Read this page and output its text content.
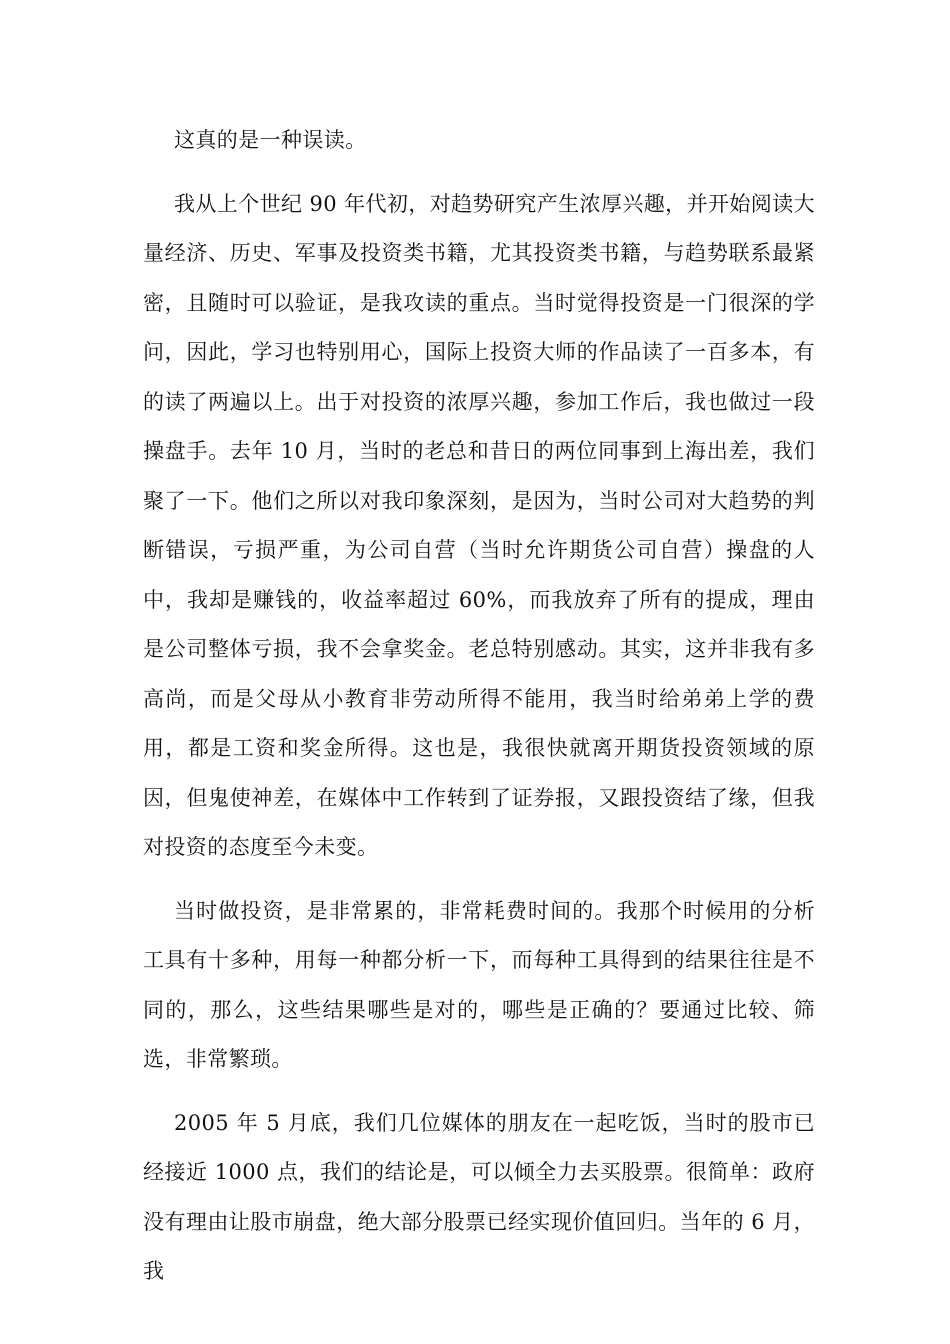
这真的是一种误读。

我从上个世纪 90 年代初，对趋势研究产生浓厚兴趣，并开始阅读大量经济、历史、军事及投资类书籍，尤其投资类书籍，与趋势联系最紧密，且随时可以验证，是我攻读的重点。当时觉得投资是一门很深的学问，因此，学习也特别用心，国际上投资大师的作品读了一百多本，有的读了两遍以上。出于对投资的浓厚兴趣，参加工作后，我也做过一段操盘手。去年 10 月，当时的老总和昔日的两位同事到上海出差，我们聚了一下。他们之所以对我印象深刻，是因为，当时公司对大趋势的判断错误，亏损严重，为公司自营（当时允许期货公司自营）操盘的人中，我却是赚钱的，收益率超过 60%，而我放弃了所有的提成，理由是公司整体亏损，我不会拿奖金。老总特别感动。其实，这并非我有多高尚，而是父母从小教育非劳动所得不能用，我当时给弟弟上学的费用，都是工资和奖金所得。这也是，我很快就离开期货投资领域的原因，但鬼使神差，在媒体中工作转到了证券报，又跟投资结了缘，但我对投资的态度至今未变。

当时做投资，是非常累的，非常耗费时间的。我那个时候用的分析工具有十多种，用每一种都分析一下，而每种工具得到的结果往往是不同的，那么，这些结果哪些是对的，哪些是正确的？要通过比较、筛选，非常繁琐。

2005 年 5 月底，我们几位媒体的朋友在一起吃饭，当时的股市已经接近 1000 点，我们的结论是，可以倾全力去买股票。很简单：政府没有理由让股市崩盘，绝大部分股票已经实现价值回归。当年的 6 月，我
